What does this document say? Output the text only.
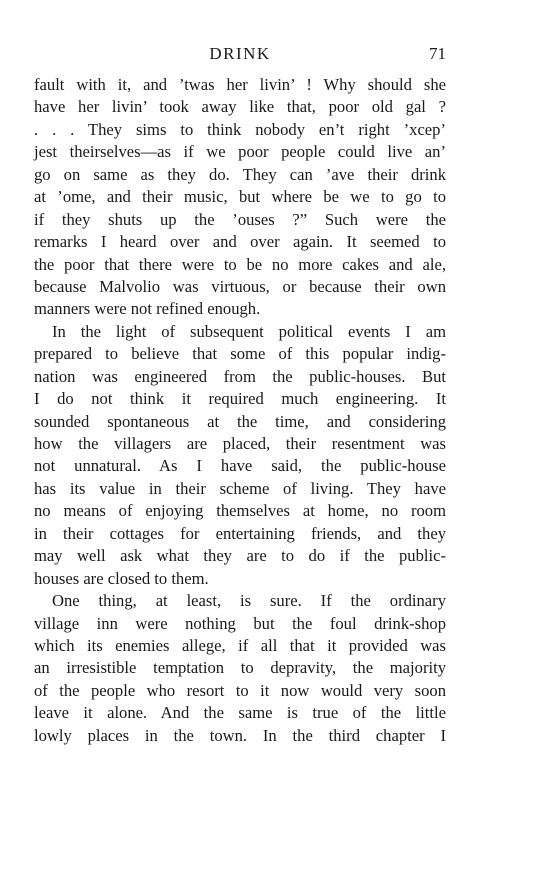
DRINK	71
fault with it, and ’twas her livin’ ! Why should she
have her livin’ took away like that, poor old gal ?
. . . They sims to think nobody en’t right ’xcep’
jest theirselves—as if we poor people could live an’
go on same as they do. They can ’ave their drink
at ’ome, and their music, but where be we to go to
if they shuts up the ’ouses ?” Such were the
remarks I heard over and over again. It seemed to
the poor that there were to be no more cakes and ale,
because Malvolio was virtuous, or because their own
manners were not refined enough.
In the light of subsequent political events I am
prepared to believe that some of this popular indig-
nation was engineered from the public-houses. But
I do not think it required much engineering. It
sounded spontaneous at the time, and considering
how the villagers are placed, their resentment was
not unnatural. As I have said, the public-house
has its value in their scheme of living. They have
no means of enjoying themselves at home, no room
in their cottages for entertaining friends, and they
may well ask what they are to do if the public-
houses are closed to them.
One thing, at least, is sure. If the ordinary
village inn were nothing but the foul drink-shop
which its enemies allege, if all that it provided was
an irresistible temptation to depravity, the majority
of the people who resort to it now would very soon
leave it alone. And the same is true of the little
lowly places in the town. In the third chapter I
